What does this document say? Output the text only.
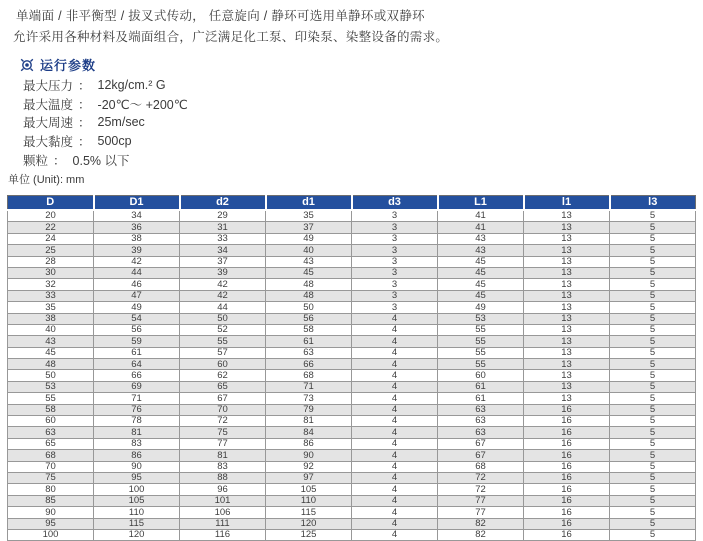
单端面 / 非平衡型 / 拔叉式传动， 任意旋向 / 静环可选用单静环或双静环
允许采用各种材料及端面组合，广泛满足化工泵、印染泵、染整设备的需求。
运行参数
最大压力 ： 12kg/cm.² G
最大温度 ： -20℃～ +200℃
最大周速 ： 25m/sec
最大黏度 ： 500cp
颗粒 ： 0.5% 以下
单位 (Unit): mm
D	D1	d2	d1	d3	L1	l1	l3
20	34	29	35	3	41	13	5
22	36	31	37	3	41	13	5
24	38	33	49	3	43	13	5
25	39	34	40	3	43	13	5
28	42	37	43	3	45	13	5
30	44	39	45	3	45	13	5
32	46	42	48	3	45	13	5
33	47	42	48	3	45	13	5
35	49	44	50	3	49	13	5
38	54	50	56	4	53	13	5
40	56	52	58	4	55	13	5
43	59	55	61	4	55	13	5
45	61	57	63	4	55	13	5
48	64	60	66	4	55	13	5
50	66	62	68	4	60	13	5
53	69	65	71	4	61	13	5
55	71	67	73	4	61	13	5
58	76	70	79	4	63	16	5
60	78	72	81	4	63	16	5
63	81	75	84	4	63	16	5
65	83	77	86	4	67	16	5
68	86	81	90	4	67	16	5
70	90	83	92	4	68	16	5
75	95	88	97	4	72	16	5
80	100	96	105	4	72	16	5
85	105	101	110	4	77	16	5
90	110	106	115	4	77	16	5
95	115	111	120	4	82	16	5
100	120	116	125	4	82	16	5
